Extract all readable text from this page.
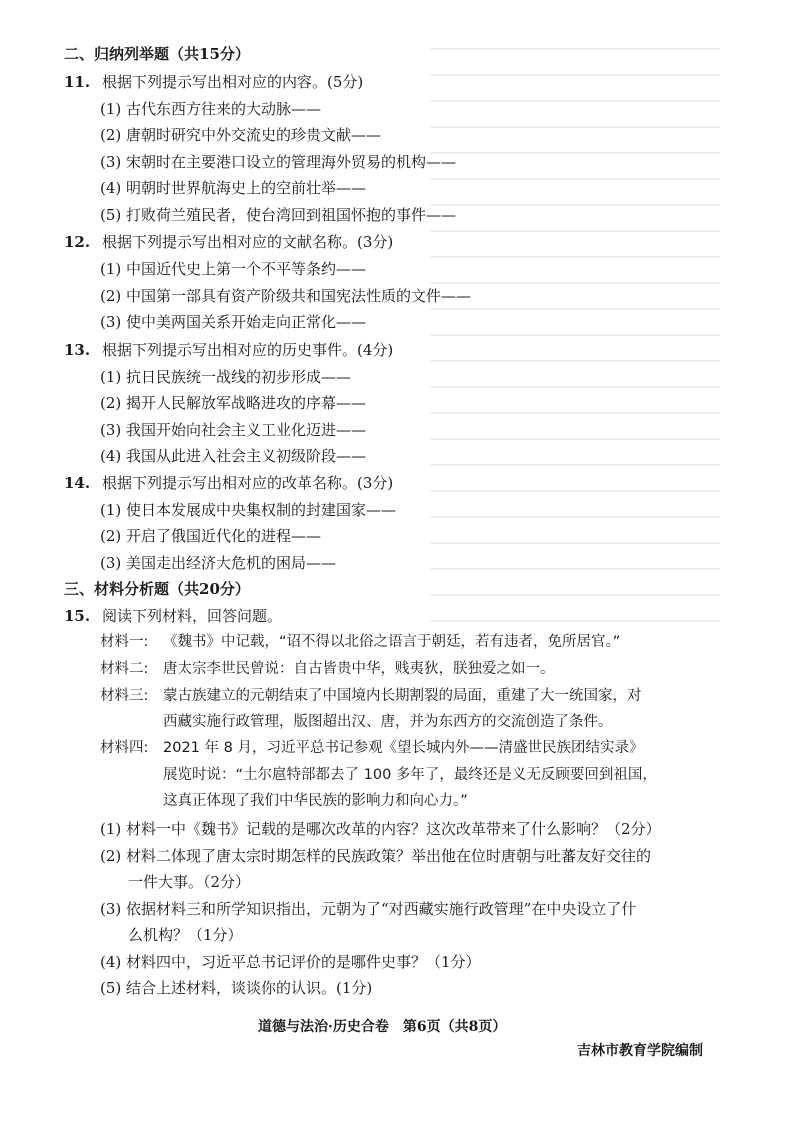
二、归纳列举题（共15分）
11. 根据下列提示写出相对应的内容。(5分)
(1) 古代东西方往来的大动脉——
(2) 唐朝时研究中外交流史的珍贵文献——
(3) 宋朝时在主要港口设立的管理海外贸易的机构——
(4) 明朝时世界航海史上的空前壮举——
(5) 打败荷兰殖民者，使台湾回到祖国怀抱的事件——
12. 根据下列提示写出相对应的文献名称。(3分)
(1) 中国近代史上第一个不平等条约——
(2) 中国第一部具有资产阶级共和国宪法性质的文件——
(3) 使中美两国关系开始走向正常化——
13. 根据下列提示写出相对应的历史事件。(4分)
(1) 抗日民族统一战线的初步形成——
(2) 揭开人民解放军战略进攻的序幕——
(3) 我国开始向社会主义工业化迈进——
(4) 我国从此进入社会主义初级阶段——
14. 根据下列提示写出相对应的改革名称。(3分)
(1) 使日本发展成中央集权制的封建国家——
(2) 开启了俄国近代化的进程——
(3) 美国走出经济大危机的困局——
三、材料分析题（共20分）
15. 阅读下列材料，回答问题。
材料一: 《魏书》中记载，“诏不得以北俗之语言于朝廷，若有违者，免所居官。”
材料二: 唐太宗李世民曾说：自古皆贵中华，贱夷狄，朕独爱之如一。
材料三: 蒙古族建立的元朝结束了中国境内长期割裂的局面，重建了大一统国家，对
西藏实施行政管理，版图超出汉、唐，并为东西方的交流创造了条件。
材料四: 2021 年 8 月，习近平总书记参观《望长城内外——清盛世民族团结实录》
展览时说：“土尔扈特部都去了 100 多年了，最终还是义无反顾要回到祖国，
这真正体现了我们中华民族的影响力和向心力。”
(1) 材料一中《魏书》记载的是哪次改革的内容？这次改革带来了什么影响？（2分）
(2) 材料二体现了唐太宗时期怎样的民族政策？举出他在位时唐朝与吐蕃友好交往的
一件大事。（2分）
(3) 依据材料三和所学知识指出，元朝为了“对西藏实施行政管理”在中央设立了什
么机构？（1分）
(4) 材料四中，习近平总书记评价的是哪件史事？（1分）
(5) 结合上述材料，谈谈你的认识。(1分)
道德与法治·历史合卷　第6页（共8页）
吉林市教育学院编制
